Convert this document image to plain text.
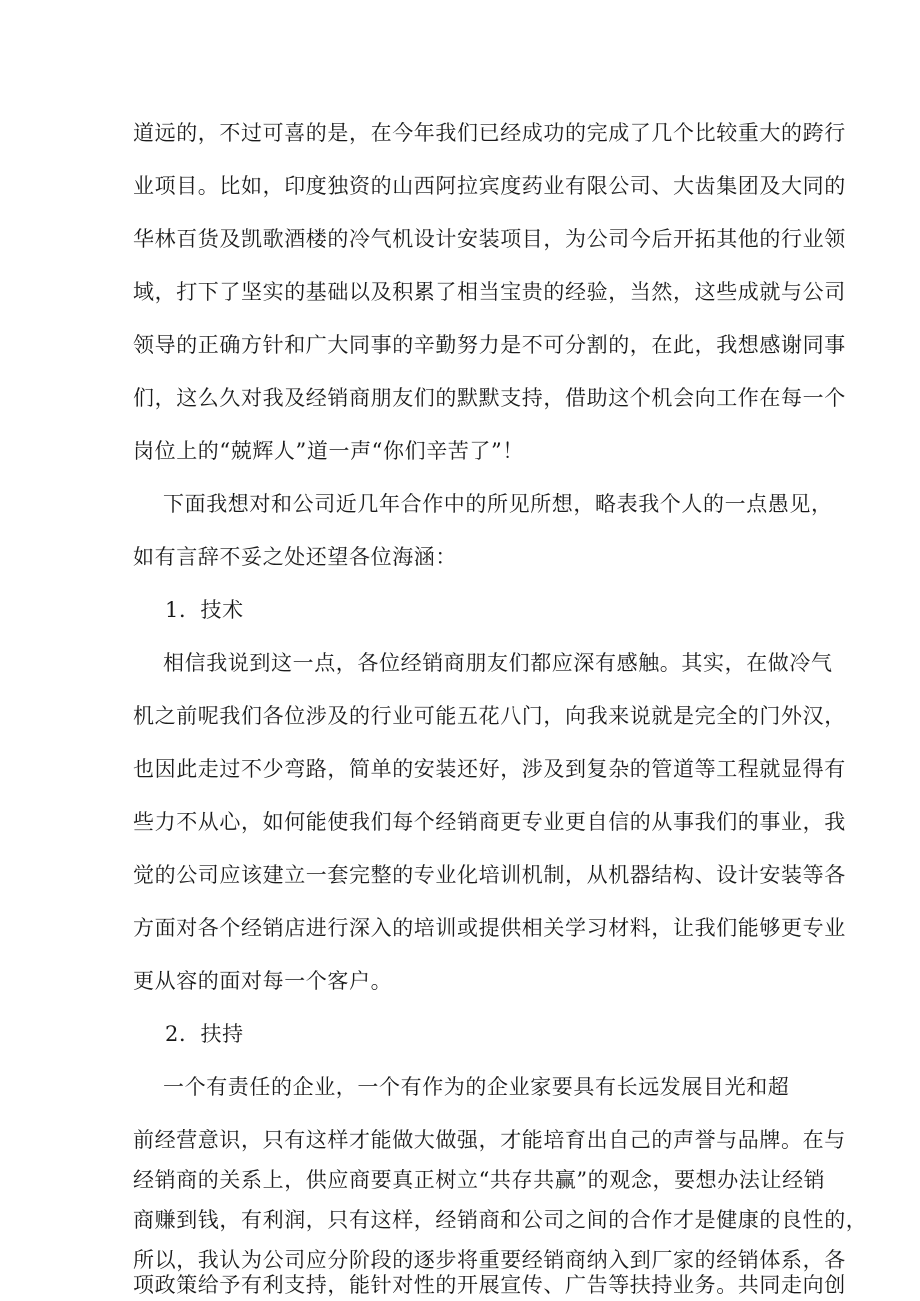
道远的，不过可喜的是，在今年我们已经成功的完成了几个比较重大的跨行
业项目。比如，印度独资的山西阿拉宾度药业有限公司、大齿集团及大同的
华林百货及凯歌酒楼的冷气机设计安装项目，为公司今后开拓其他的行业领
域，打下了坚实的基础以及积累了相当宝贵的经验，当然，这些成就与公司
领导的正确方针和广大同事的辛勤努力是不可分割的，在此，我想感谢同事
们，这么久对我及经销商朋友们的默默支持，借助这个机会向工作在每一个
岗位上的“兢辉人”道一声“你们辛苦了”！
下面我想对和公司近几年合作中的所见所想，略表我个人的一点愚见，
如有言辞不妥之处还望各位海涵：
1．技术
相信我说到这一点，各位经销商朋友们都应深有感触。其实，在做冷气
机之前呢我们各位涉及的行业可能五花八门，向我来说就是完全的门外汉，
也因此走过不少弯路，简单的安装还好，涉及到复杂的管道等工程就显得有
些力不从心，如何能使我们每个经销商更专业更自信的从事我们的事业，我
觉的公司应该建立一套完整的专业化培训机制，从机器结构、设计安装等各
方面对各个经销店进行深入的培训或提供相关学习材料，让我们能够更专业
更从容的面对每一个客户。
2．扶持
一个有责任的企业，一个有作为的企业家要具有长远发展目光和超
前经营意识，只有这样才能做大做强，才能培育出自己的声誉与品牌。在与
经销商的关系上，供应商要真正树立“共存共赢”的观念，要想办法让经销
商赚到钱，有利润，只有这样，经销商和公司之间的合作才是健康的良性的，
所以，我认为公司应分阶段的逐步将重要经销商纳入到厂家的经销体系，各
项政策给予有利支持，能针对性的开展宣传、广告等扶持业务。共同走向创
